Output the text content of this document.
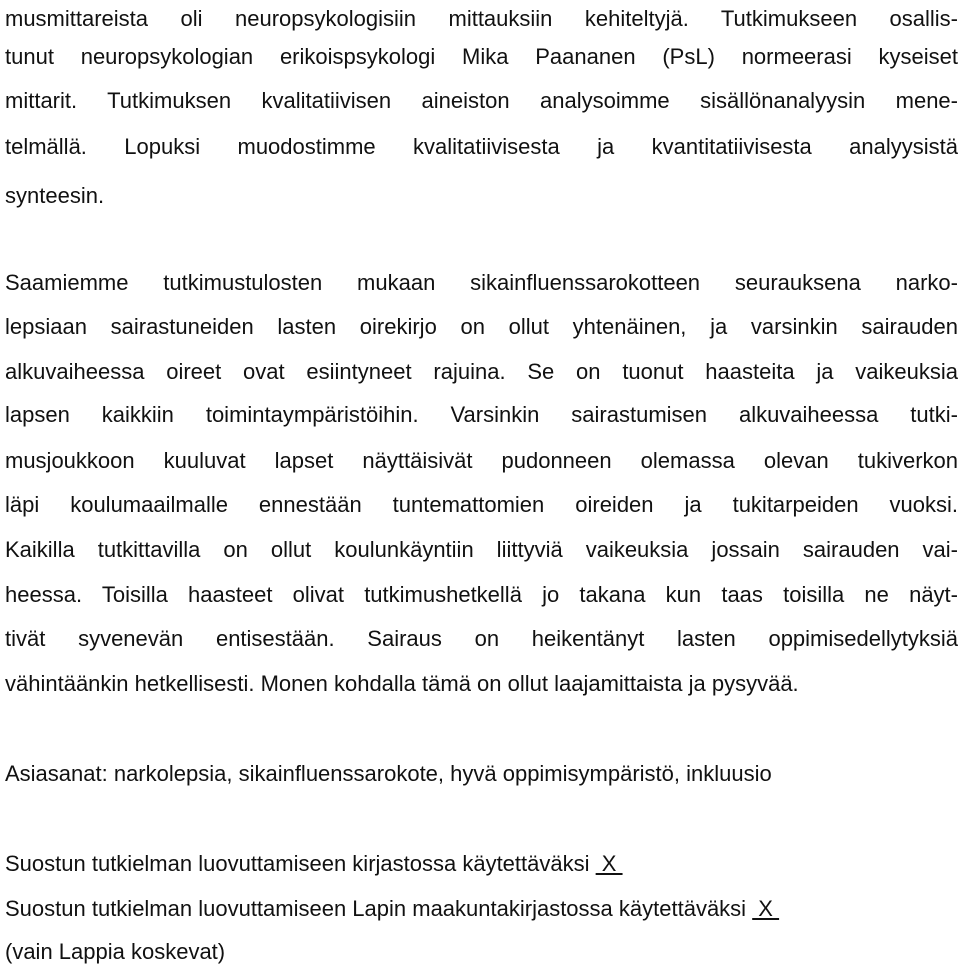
musmittareista oli neuropsykologisiin mittauksiin kehiteltyjä. Tutkimukseen osallis-

tunut neuropsykologian erikoispsykologi Mika Paananen (PsL) normeerasi kyseiset

mittarit. Tutkimuksen kvalitatiivisen aineiston analysoimme sisällönanalyysin mene-

telmällä. Lopuksi muodostimme kvalitatiivisesta ja kvantitatiivisesta analyysistä

synteesin.

Saamiemme tutkimustulosten mukaan sikainfluenssarokotteen seurauksena narko-

lepsiaan sairastuneiden lasten oirekirjo on ollut yhtenäinen, ja varsinkin sairauden

alkuvaiheessa oireet ovat esiintyneet rajuina. Se on tuonut haasteita ja vaikeuksia

lapsen kaikkiin toimintaympäristöihin. Varsinkin sairastumisen alkuvaiheessa tutki-

musjoukkoon kuuluvat lapset näyttäisivät pudonneen olemassa olevan tukiverkon

läpi koulumaailmalle ennestään tuntemattomien oireiden ja tukitarpeiden vuoksi.

Kaikilla tutkittavilla on ollut koulunkäyntiin liittyviä vaikeuksia jossain sairauden vai-

heessa. Toisilla haasteet olivat tutkimushetkellä jo takana kun taas toisilla ne näyt-

tivät syvenevän entisestään. Sairaus on heikentänyt lasten oppimisedellytyksiä

vähintäänkin hetkellisesti. Monen kohdalla tämä on ollut laajamittaista ja pysyvää.

Asiasanat: narkolepsia, sikainfluenssarokote, hyvä oppimisympäristö, inkluusio

Suostun tutkielman luovuttamiseen kirjastossa käytettäväksi  X

Suostun tutkielman luovuttamiseen Lapin maakuntakirjastossa käytettäväksi  X

(vain Lappia koskevat)
